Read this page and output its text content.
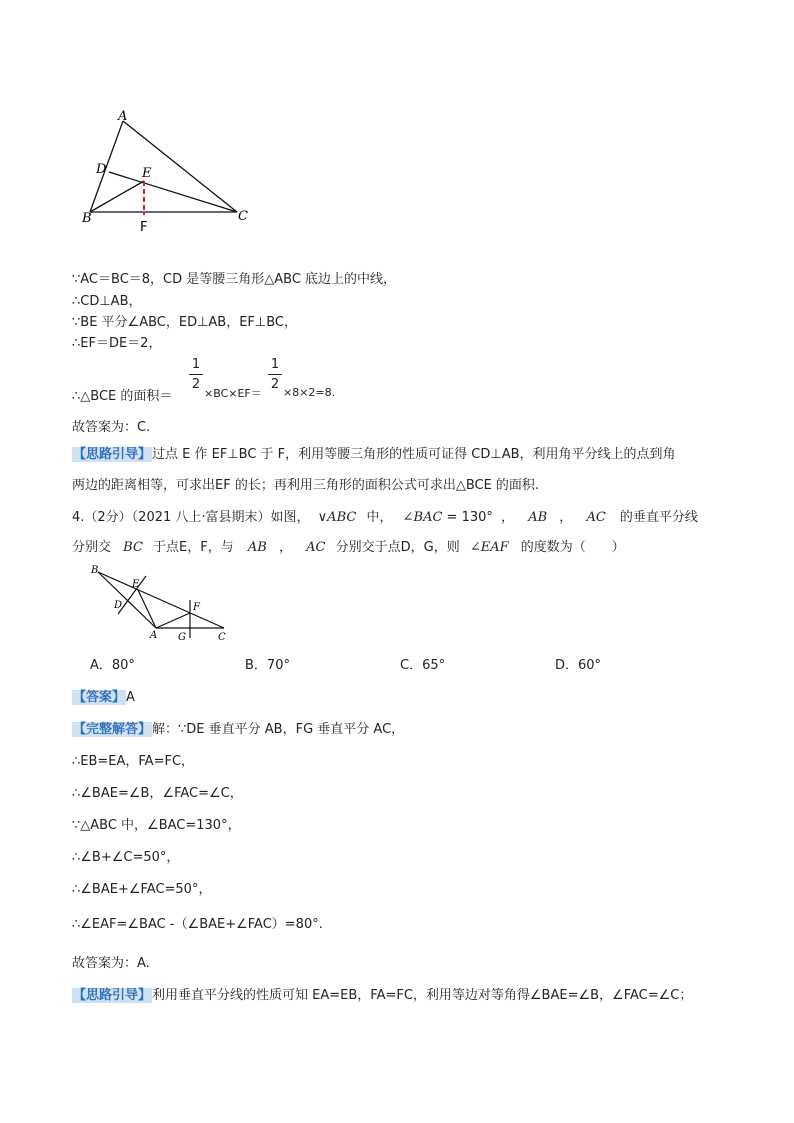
A
D	E
B	C
F
∵AC＝BC＝8，CD 是等腰三角形△ABC 底边上的中线，
∴CD⊥AB，
∵BE 平分∠ABC，ED⊥AB，EF⊥BC，
∴EF＝DE＝2，
∴△BCE 的面积＝
1
2
×BC×EF＝
1
2
×8×2=8.
故答案为：C.
【思路引导】过点 E 作 EF⊥BC 于 F，利用等腰三角形的性质可证得 CD⊥AB，利用角平分线上的点到角
两边的距离相等，可求出EF 的长；再利用三角形的面积公式可求出△BCE 的面积.
4.（2分）（2021 八上·富县期末）如图， ∨ABC 中， ∠BAC = 130° ， AB ， AC 的垂直平分线
分别交 BC 于点E，F，与 AB ， AC 分别交于点D，G，则 ∠EAF 的度数为（　　）
B
E
D	F
A G	C
A．80°	B．70°	C．65°	D．60°
【答案】A
【完整解答】解：∵DE 垂直平分 AB，FG 垂直平分 AC，
∴EB=EA，FA=FC，
∴∠BAE=∠B，∠FAC=∠C，
∵△ABC 中，∠BAC=130°，
∴∠B+∠C=50°，
∴∠BAE+∠FAC=50°，
∴∠EAF=∠BAC -（∠BAE+∠FAC）=80°.
故答案为：A.
【思路引导】利用垂直平分线的性质可知 EA=EB，FA=FC，利用等边对等角得∠BAE=∠B，∠FAC=∠C；
